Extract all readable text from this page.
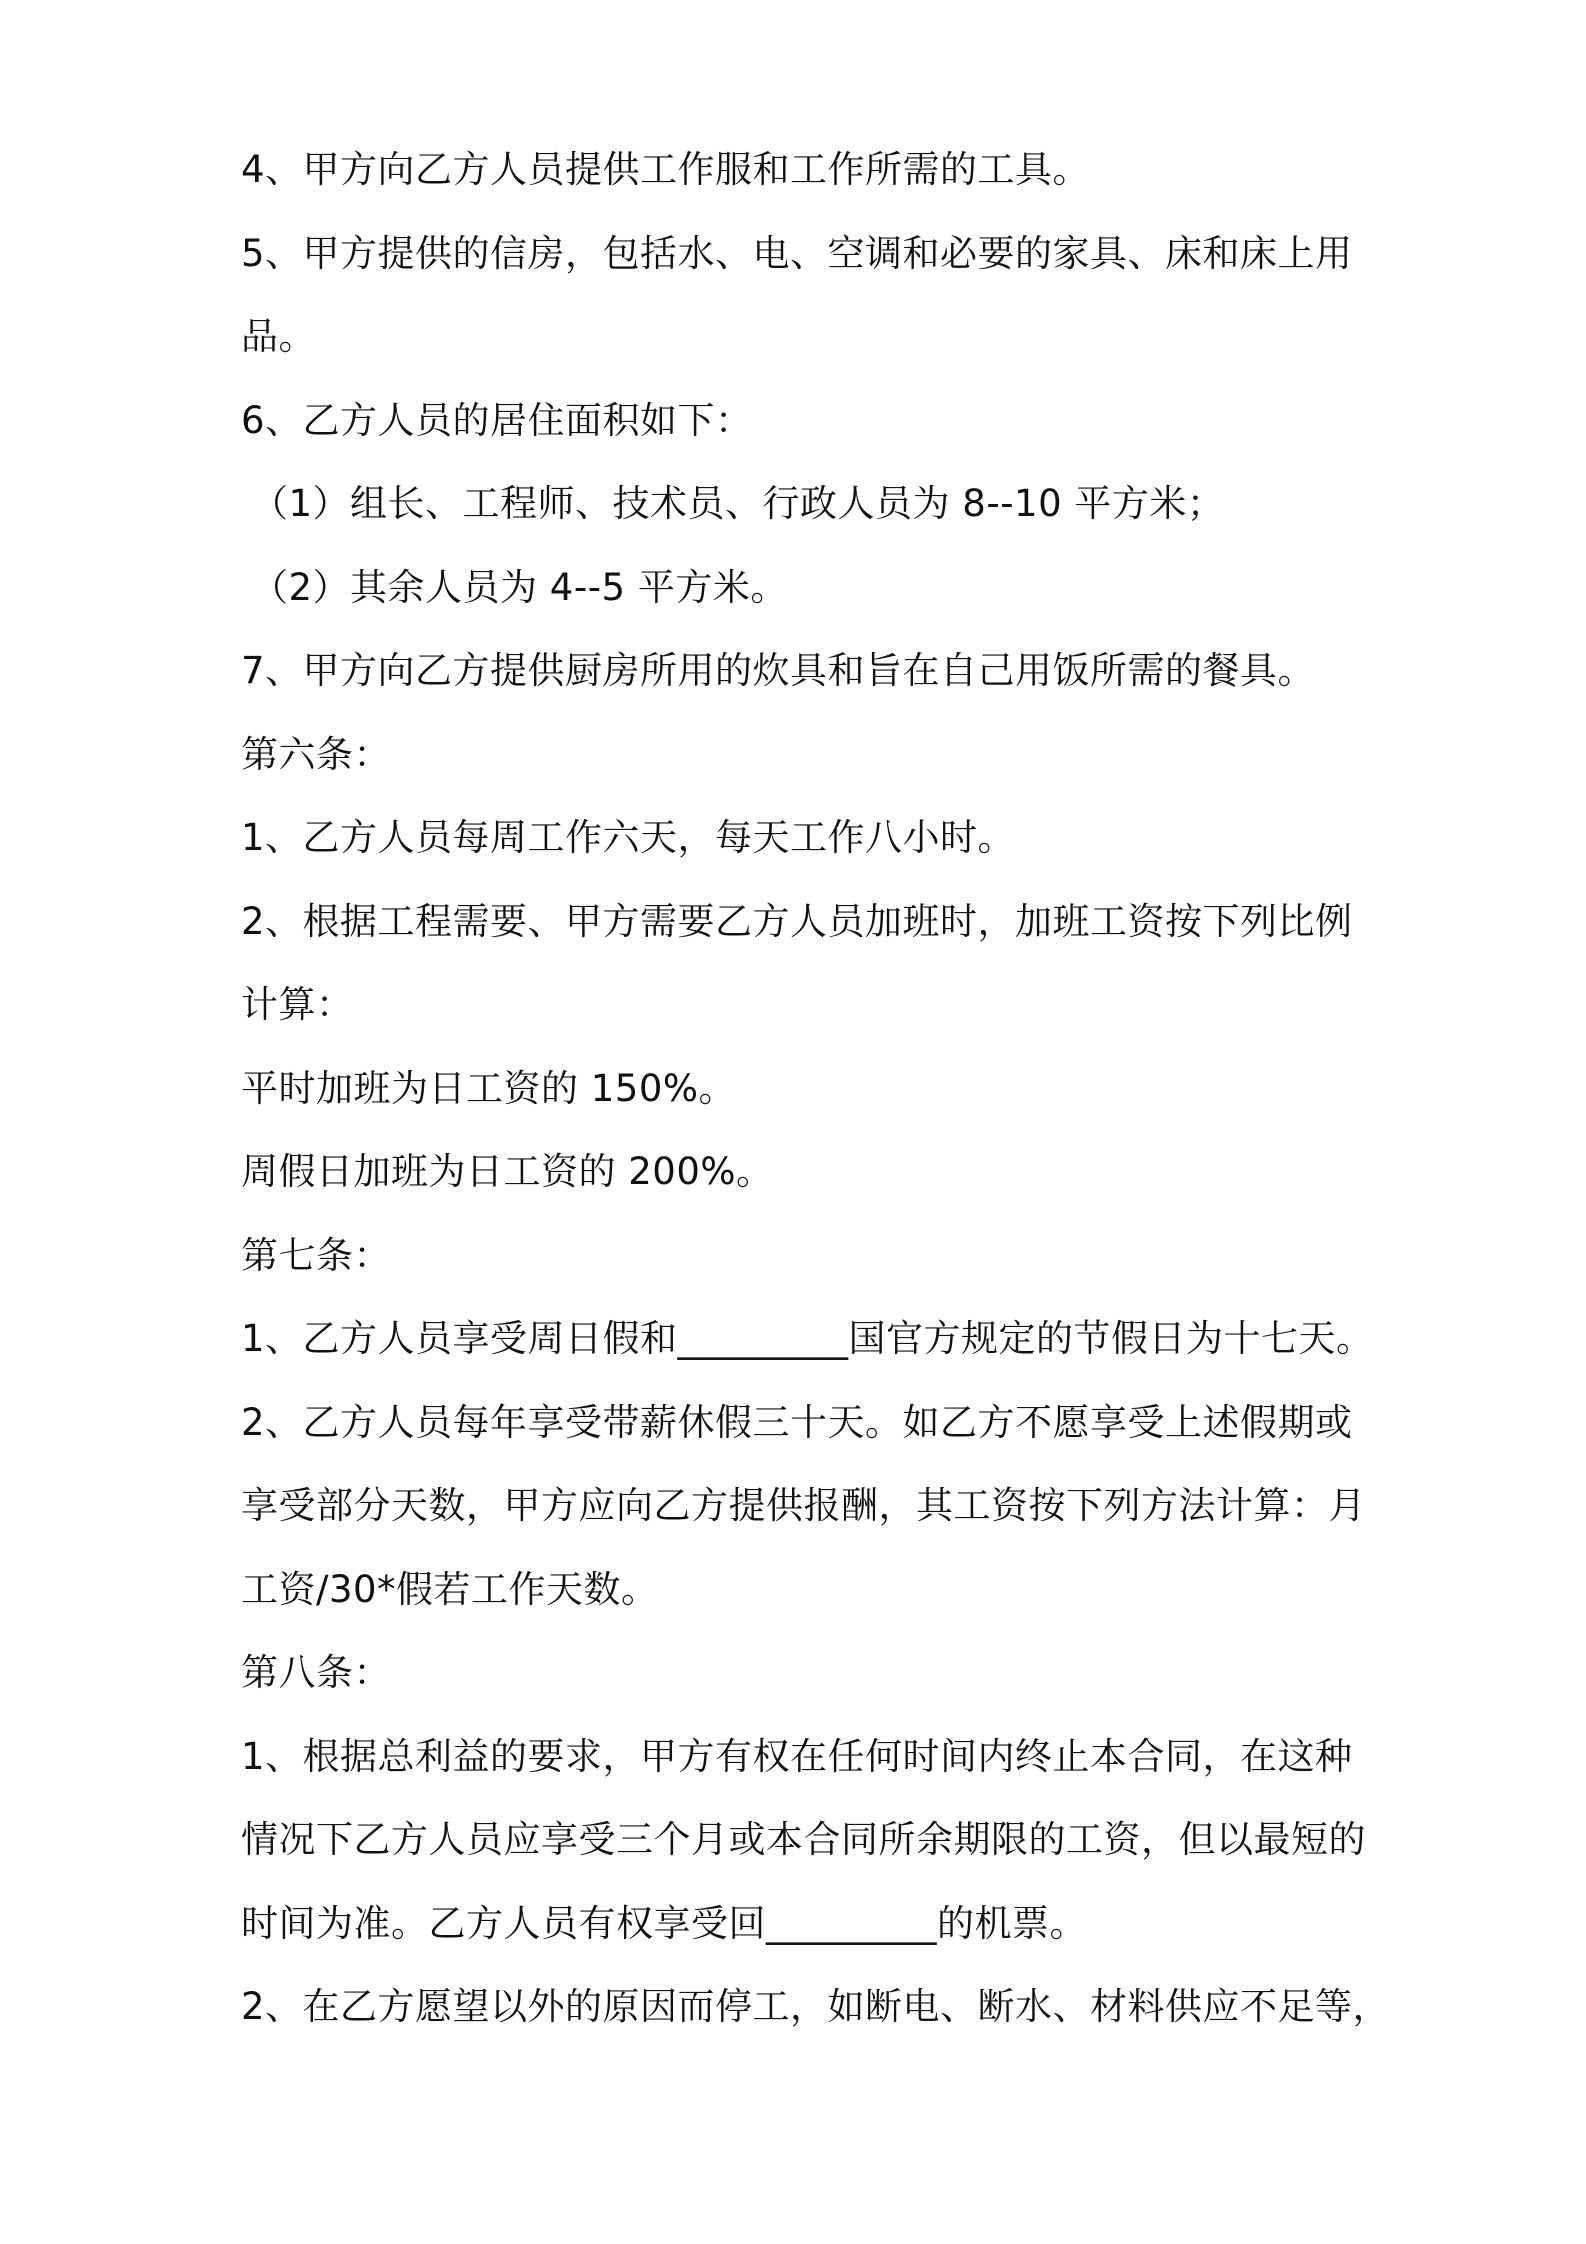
4、甲方向乙方人员提供工作服和工作所需的工具。
5、甲方提供的信房，包括水、电、空调和必要的家具、床和床上用
品。
6、乙方人员的居住面积如下：
（1）组长、工程师、技术员、行政人员为 8--10 平方米；
（2）其余人员为 4--5 平方米。
7、甲方向乙方提供厨房所用的炊具和旨在自己用饭所需的餐具。
第六条：
1、乙方人员每周工作六天，每天工作八小时。
2、根据工程需要、甲方需要乙方人员加班时，加班工资按下列比例
计算：
平时加班为日工资的 150%。
周假日加班为日工资的 200%。
第七条：
1、乙方人员享受周日假和_________国官方规定的节假日为十七天。
2、乙方人员每年享受带薪休假三十天。如乙方不愿享受上述假期或
享受部分天数，甲方应向乙方提供报酬，其工资按下列方法计算：月
工资/30*假若工作天数。
第八条：
1、根据总利益的要求，甲方有权在任何时间内终止本合同，在这种
情况下乙方人员应享受三个月或本合同所余期限的工资，但以最短的
时间为准。乙方人员有权享受回_________的机票。
2、在乙方愿望以外的原因而停工，如断电、断水、材料供应不足等，
